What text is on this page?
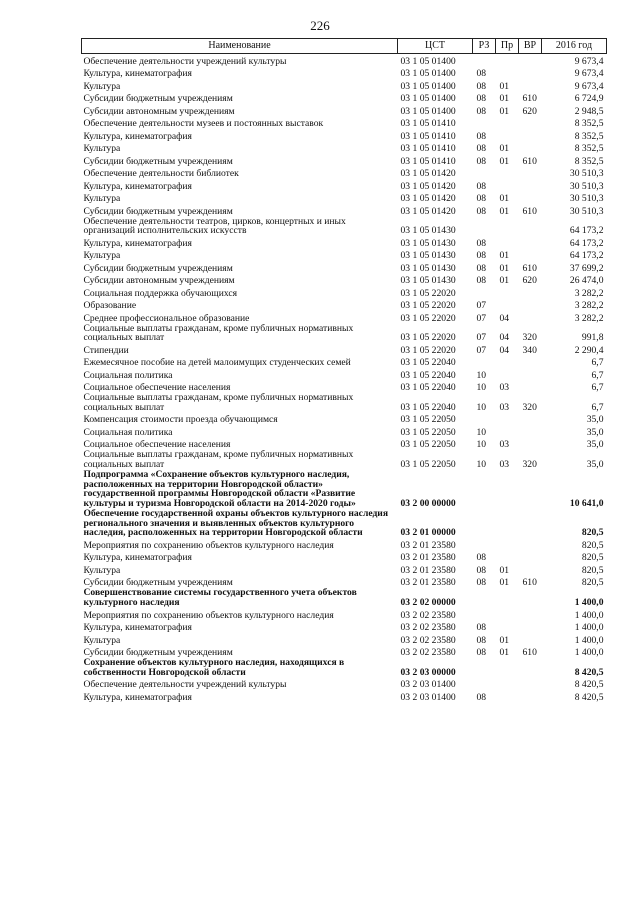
226
Наименование	ЦСТ	РЗ	Пр	ВР	2016 год
Обеспечение деятельности учреждений культуры	03 1 05 01400				9 673,4
Культура, кинематография	03 1 05 01400	08			9 673,4
Культура	03 1 05 01400	08	01		9 673,4
Субсидии бюджетным учреждениям	03 1 05 01400	08	01	610	6 724,9
Субсидии автономным учреждениям	03 1 05 01400	08	01	620	2 948,5
Обеспечение деятельности музеев и постоянных выставок	03 1 05 01410				8 352,5
Культура, кинематография	03 1 05 01410	08			8 352,5
Культура	03 1 05 01410	08	01		8 352,5
Субсидии бюджетным учреждениям	03 1 05 01410	08	01	610	8 352,5
Обеспечение деятельности библиотек	03 1 05 01420				30 510,3
Культура, кинематография	03 1 05 01420	08			30 510,3
Культура	03 1 05 01420	08	01		30 510,3
Субсидии бюджетным учреждениям	03 1 05 01420	08	01	610	30 510,3
Обеспечение деятельности театров, цирков, концертных и иных организаций исполнительских искусств	03 1 05 01430				64 173,2
Культура, кинематография	03 1 05 01430	08			64 173,2
Культура	03 1 05 01430	08	01		64 173,2
Субсидии бюджетным учреждениям	03 1 05 01430	08	01	610	37 699,2
Субсидии автономным учреждениям	03 1 05 01430	08	01	620	26 474,0
Социальная поддержка обучающихся	03 1 05 22020				3 282,2
Образование	03 1 05 22020	07			3 282,2
Среднее профессиональное образование	03 1 05 22020	07	04		3 282,2
Социальные выплаты гражданам, кроме публичных нормативных социальных выплат	03 1 05 22020	07	04	320	991,8
Стипендии	03 1 05 22020	07	04	340	2 290,4
Ежемесячное пособие на детей малоимущих студенческих семей	03 1 05 22040				6,7
Социальная политика	03 1 05 22040	10			6,7
Социальное обеспечение населения	03 1 05 22040	10	03		6,7
Социальные выплаты гражданам, кроме публичных нормативных социальных выплат	03 1 05 22040	10	03	320	6,7
Компенсация стоимости проезда обучающимся	03 1 05 22050				35,0
Социальная политика	03 1 05 22050	10			35,0
Социальное обеспечение населения	03 1 05 22050	10	03		35,0
Социальные выплаты гражданам, кроме публичных нормативных социальных выплат	03 1 05 22050	10	03	320	35,0
Подпрограмма «Сохранение объектов культурного наследия, расположенных на территории Новгородской области» государственной программы Новгородской области «Развитие культуры и туризма Новгородской области на 2014-2020 годы»	03 2 00 00000				10 641,0
Обеспечение государственной охраны объектов культурного наследия регионального значения и выявленных объектов культурного наследия, расположенных на территории Новгородской области	03 2 01 00000				820,5
Мероприятия по сохранению объектов культурного наследия	03 2 01 23580				820,5
Культура, кинематография	03 2 01 23580	08			820,5
Культура	03 2 01 23580	08	01		820,5
Субсидии бюджетным учреждениям	03 2 01 23580	08	01	610	820,5
Совершенствование системы государственного учета объектов культурного наследия	03 2 02 00000				1 400,0
Мероприятия по сохранению объектов культурного наследия	03 2 02 23580				1 400,0
Культура, кинематография	03 2 02 23580	08			1 400,0
Культура	03 2 02 23580	08	01		1 400,0
Субсидии бюджетным учреждениям	03 2 02 23580	08	01	610	1 400,0
Сохранение объектов культурного наследия, находящихся в собственности Новгородской области	03 2 03 00000				8 420,5
Обеспечение деятельности учреждений культуры	03 2 03 01400				8 420,5
Культура, кинематография	03 2 03 01400	08			8 420,5
